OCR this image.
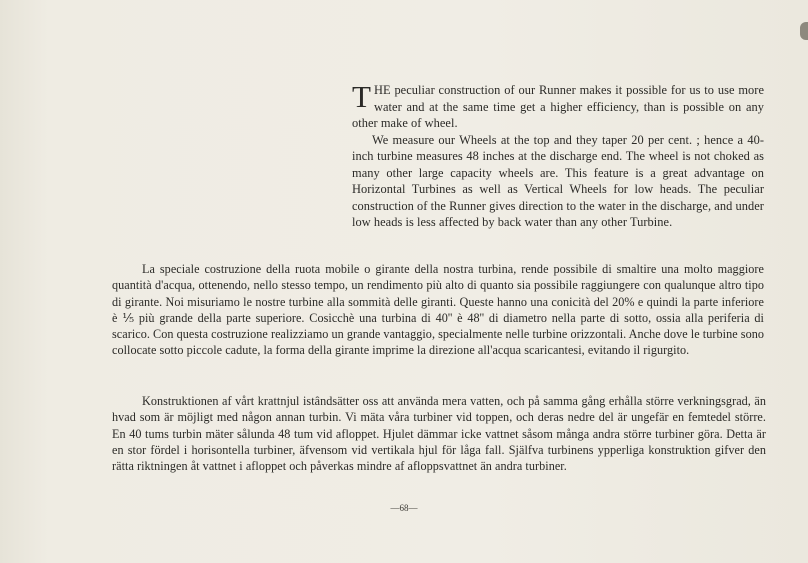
THE peculiar construction of our Runner makes it possible for us to use more water and at the same time get a higher efficiency, than is possible on any other make of wheel.

We measure our Wheels at the top and they taper 20 per cent. ; hence a 40-inch turbine measures 48 inches at the discharge end. The wheel is not choked as many other large capacity wheels are. This feature is a great advantage on Horizontal Turbines as well as Vertical Wheels for low heads. The peculiar construction of the Runner gives direction to the water in the discharge, and under low heads is less affected by back water than any other Turbine.

La speciale costruzione della ruota mobile o girante della nostra turbina, rende possibile di smaltire una molto maggiore quantità d'acqua, ottenendo, nello stesso tempo, un rendimento più alto di quanto sia possibile raggiungere con qualunque altro tipo di girante. Noi misuriamo le nostre turbine alla sommità delle giranti. Queste hanno una conicità del 20% e quindi la parte inferiore è ⅕ più grande della parte superiore. Cosicchè una turbina di 40'' è 48'' di diametro nella parte di sotto, ossia alla periferia di scarico. Con questa costruzione realizziamo un grande vantaggio, specialmente nelle turbine orizzontali. Anche dove le turbine sono collocate sotto piccole cadute, la forma della girante imprime la direzione all'acqua scaricantesi, evitando il rigurgito.
Konstruktionen af vårt krattnjul istândsätter oss att använda mera vatten, och på samma gång erhålla större verkningsgrad, än hvad som är möjligt med någon annan turbin. Vi mäta våra turbiner vid toppen, och deras nedre del är ungefär en femtedel större. En 40 tums turbin mäter sålunda 48 tum vid afloppet. Hjulet dämmar icke vattnet såsom många andra större turbiner göra. Detta är en stor fördel i horisontella turbiner, äfvensom vid vertikala hjul för låga fall. Själfva turbinens ypperliga konstruktion gifver den rätta riktningen åt vattnet i afloppet och påverkas mindre af afloppsvattnet än andra turbiner.
—68—
